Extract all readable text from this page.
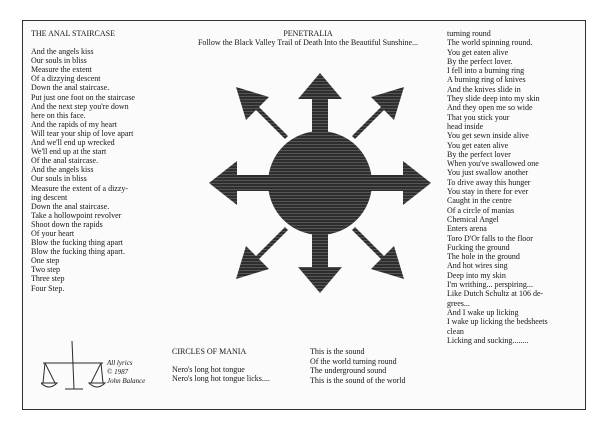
THE ANAL STAIRCASE
And the angels kiss
Our souls in bliss
Measure the extent
Of a dizzying descent
Down the anal staircase.
Put just one foot on the staircase
And the next step you're down
here on this face.
And the rapids of my heart
Will tear your ship of love apart
And we'll end up wrecked
We'll end up at the start
Of the anal staircase.
And the angels kiss
Our souls in bliss
Measure the extent of a dizzy-
ing descent
Down the anal staircase.
Take a hollowpoint revolver
Shoot down the rapids
Of your heart
Blow the fucking thing apart
Blow the fucking thing apart.
One step
Two step
Three step
Four Step.
PENETRALIA
Follow the Black Valley Trail of Death Into the Beautiful Sunshine...
CIRCLES OF MANIA
Nero's long hot tongue
Nero's long hot tongue licks....
This is the sound
Of the world turning round
The underground sound
This is the sound of the world
turning round
The world spinning round.
You get eaten alive
By the perfect lover.
I fell into a burning ring
A burning ring of knives
And the knives slide in
They slide deep into my skin
And they open me so wide
That you stick your
head inside
You get sewn inside alive
You get eaten alive
By the perfect lover
When you've swallowed one
You just swallow another
To drive away this hunger
You stay in there for ever
Caught in the centre
Of a circle of manias
Chemical Angel
Enters arena
Toro D'Or falls to the floor
Fucking the ground
The hole in the ground
And hot wires sing
Deep into my skin
I'm writhing... perspiring...
Like Dutch Schultz at 106 de-
grees...
And I wake up licking
I wake up licking the bedsheets
clean
Licking and sucking........
All lyrics
© 1987
John Balance
